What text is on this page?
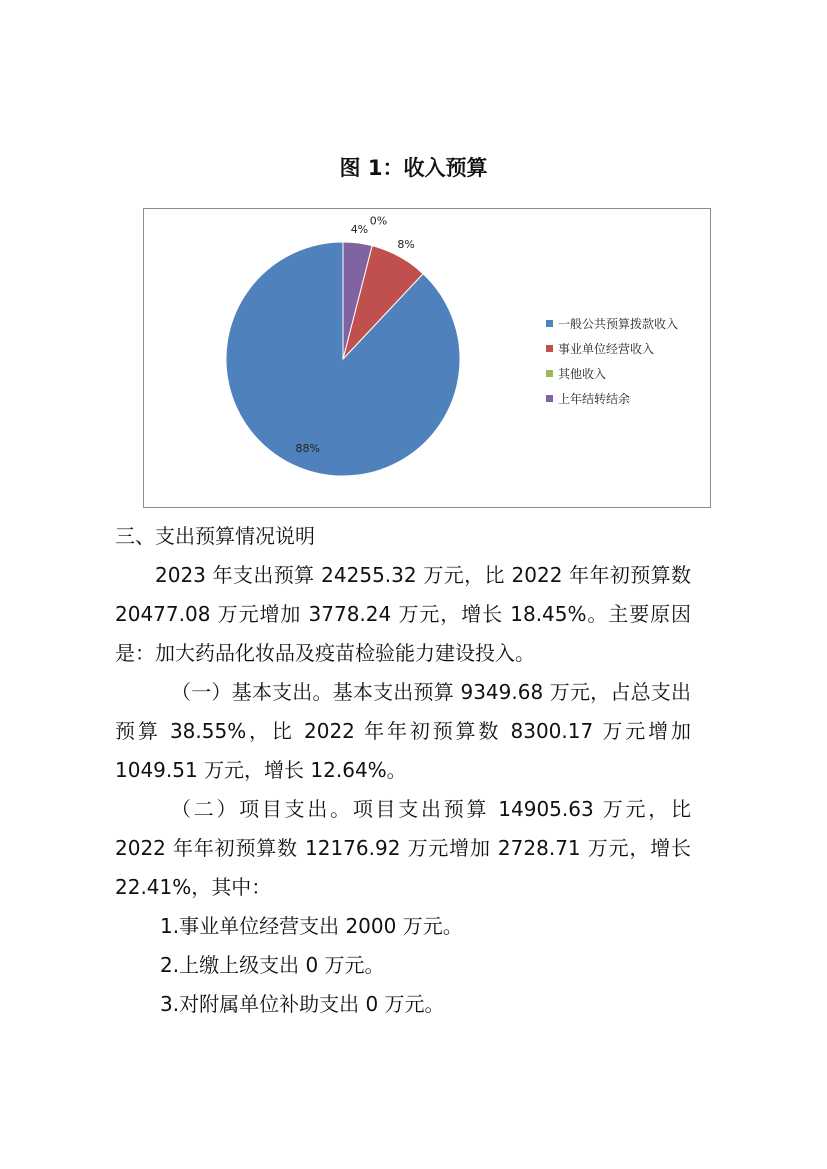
图 1：收入预算
88%
8%
0%
4%
一般公共预算拨款收入
事业单位经营收入
其他收入
上年结转结余
三、支出预算情况说明
2023 年支出预算 24255.32 万元，比 2022 年年初预算数 20477.08 万元增加 3778.24 万元，增长 18.45%。主要原因是：加大药品化妆品及疫苗检验能力建设投入。
（一）基本支出。基本支出预算 9349.68 万元，占总支出预算 38.55%，比 2022 年年初预算数 8300.17 万元增加 1049.51 万元，增长 12.64%。
（二）项目支出。项目支出预算 14905.63 万元，比 2022 年年初预算数 12176.92 万元增加 2728.71 万元，增长 22.41%，其中：
1.事业单位经营支出 2000 万元。
2.上缴上级支出 0 万元。
3.对附属单位补助支出 0 万元。
